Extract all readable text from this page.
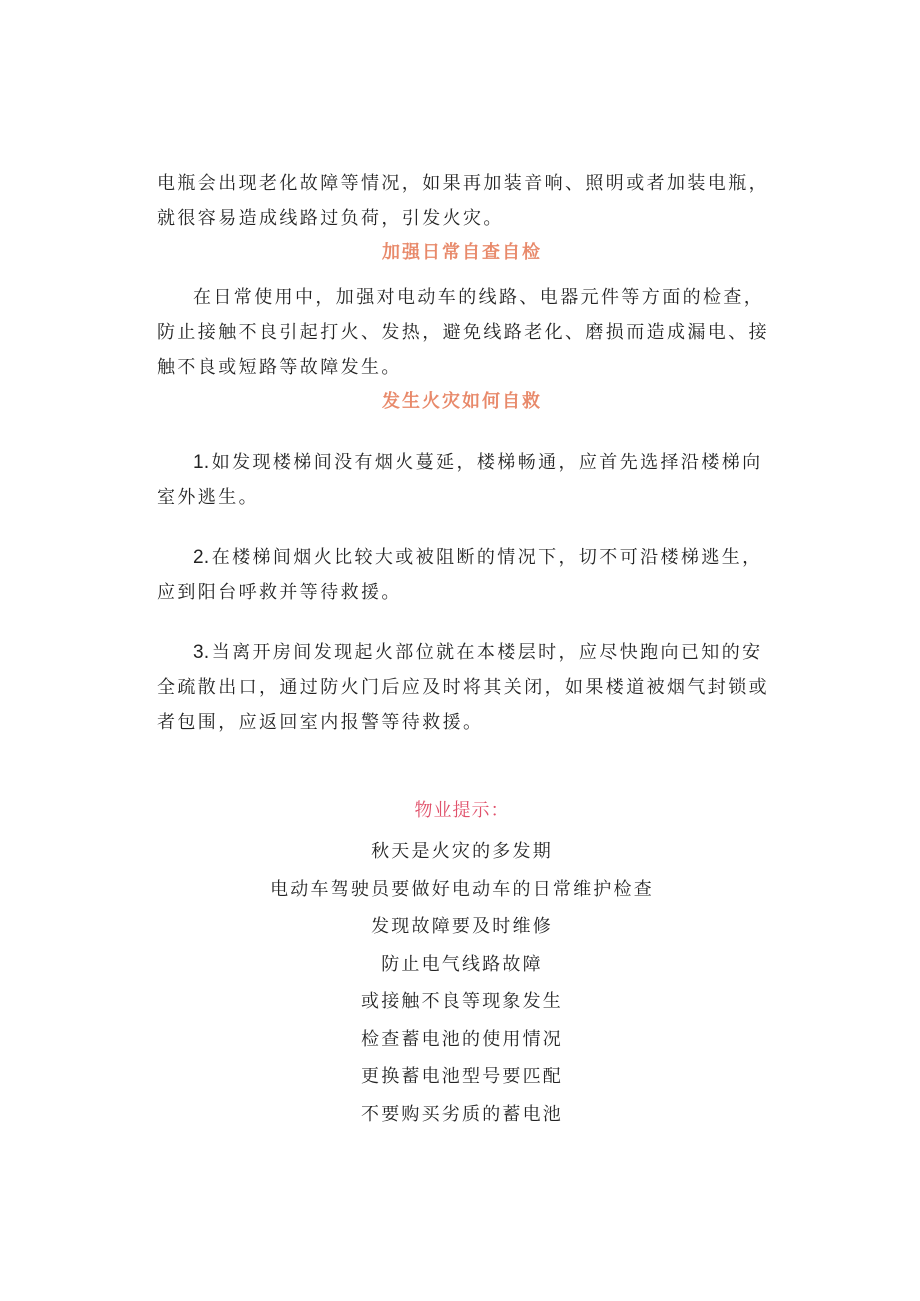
电瓶会出现老化故障等情况，如果再加装音响、照明或者加装电瓶，
就很容易造成线路过负荷，引发火灾。

加强日常自查自检

在日常使用中，加强对电动车的线路、电器元件等方面的检查，
防止接触不良引起打火、发热，避免线路老化、磨损而造成漏电、接
触不良或短路等故障发生。

发生火灾如何自救

1.如发现楼梯间没有烟火蔓延，楼梯畅通，应首先选择沿楼梯向
室外逃生。

2.在楼梯间烟火比较大或被阻断的情况下，切不可沿楼梯逃生，
应到阳台呼救并等待救援。

3.当离开房间发现起火部位就在本楼层时，应尽快跑向已知的安
全疏散出口，通过防火门后应及时将其关闭，如果楼道被烟气封锁或
者包围，应返回室内报警等待救援。

物业提示：

秋天是火灾的多发期
电动车驾驶员要做好电动车的日常维护检查
发现故障要及时维修
防止电气线路故障
或接触不良等现象发生
检查蓄电池的使用情况
更换蓄电池型号要匹配
不要购买劣质的蓄电池
